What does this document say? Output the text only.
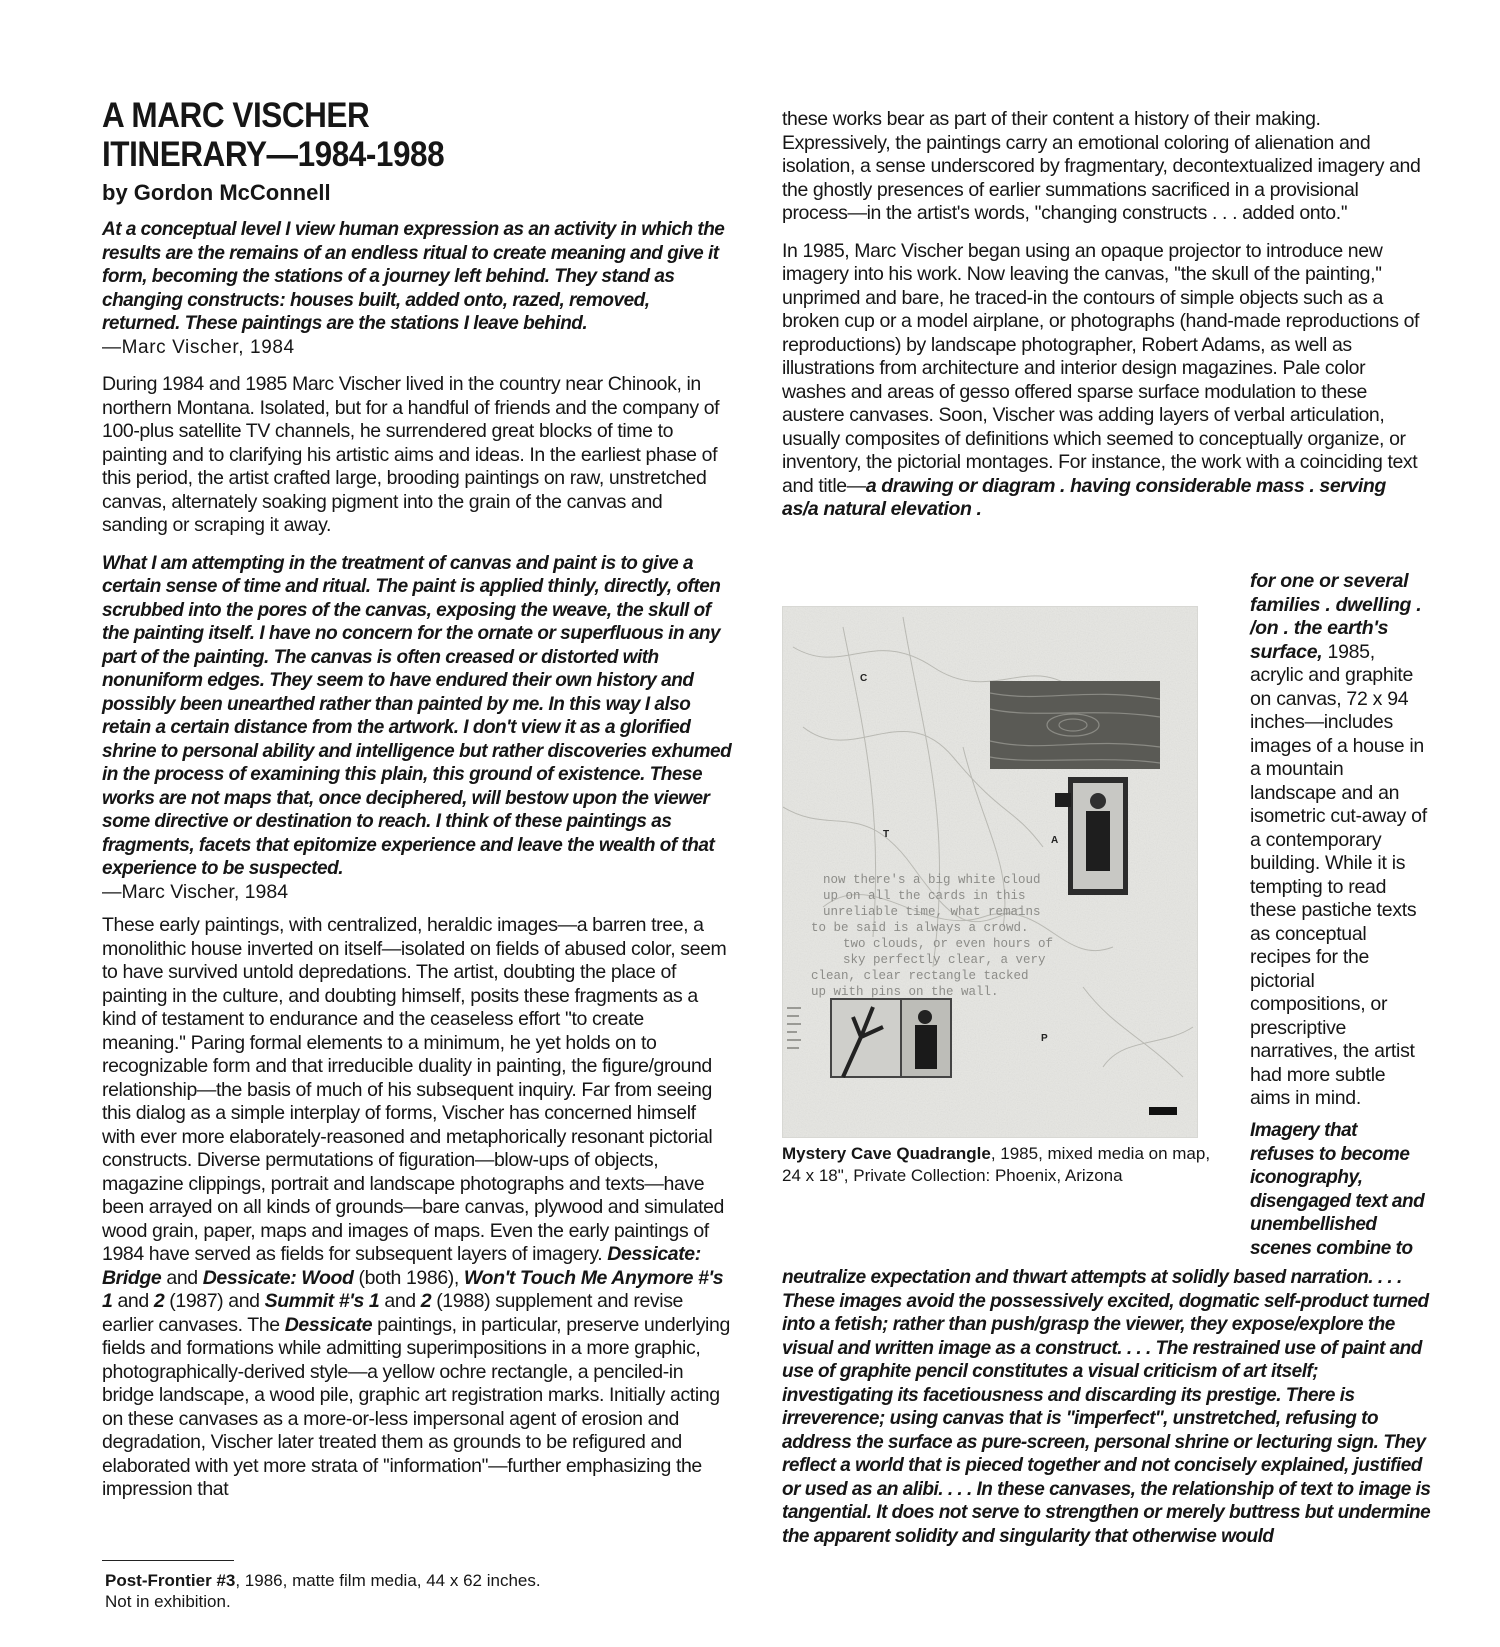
A MARC VISCHER
ITINERARY—1984-1988
by Gordon McConnell

At a conceptual level I view human expression as an activity in which the results are the remains of an endless ritual to create meaning and give it form, becoming the stations of a journey left behind. They stand as changing constructs: houses built, added onto, razed, removed, returned. These paintings are the stations I leave behind.

—Marc Vischer, 1984

During 1984 and 1985 Marc Vischer lived in the country near Chinook, in northern Montana. Isolated, but for a handful of friends and the company of 100-plus satellite TV channels, he surrendered great blocks of time to painting and to clarifying his artistic aims and ideas. In the earliest phase of this period, the artist crafted large, brooding paintings on raw, unstretched canvas, alternately soaking pigment into the grain of the canvas and sanding or scraping it away.

What I am attempting in the treatment of canvas and paint is to give a certain sense of time and ritual. The paint is applied thinly, directly, often scrubbed into the pores of the canvas, exposing the weave, the skull of the painting itself. I have no concern for the ornate or superfluous in any part of the painting. The canvas is often creased or distorted with nonuniform edges. They seem to have endured their own history and possibly been unearthed rather than painted by me. In this way I also retain a certain distance from the artwork. I don't view it as a glorified shrine to personal ability and intelligence but rather discoveries exhumed in the process of examining this plain, this ground of existence. These works are not maps that, once deciphered, will bestow upon the viewer some directive or destination to reach. I think of these paintings as fragments, facets that epitomize experience and leave the wealth of that experience to be suspected.

—Marc Vischer, 1984

These early paintings, with centralized, heraldic images—a barren tree, a monolithic house inverted on itself—isolated on fields of abused color, seem to have survived untold depredations. The artist, doubting the place of painting in the culture, and doubting himself, posits these fragments as a kind of testament to endurance and the ceaseless effort ''to create meaning.'' Paring formal elements to a minimum, he yet holds on to recognizable form and that irreducible duality in painting, the figure/ground relationship—the basis of much of his subsequent inquiry. Far from seeing this dialog as a simple interplay of forms, Vischer has concerned himself with ever more elaborately-reasoned and metaphorically resonant pictorial constructs. Diverse permutations of figuration—blow-ups of objects, magazine clippings, portrait and landscape photographs and texts—have been arrayed on all kinds of grounds—bare canvas, plywood and simulated wood grain, paper, maps and images of maps. Even the early paintings of 1984 have served as fields for subsequent layers of imagery. Dessicate: Bridge and Dessicate: Wood (both 1986), Won't Touch Me Anymore #'s 1 and 2 (1987) and Summit #'s 1 and 2 (1988) supplement and revise earlier canvases. The Dessicate paintings, in particular, preserve underlying fields and formations while admitting superimpositions in a more graphic, photographically-derived style—a yellow ochre rectangle, a penciled-in bridge landscape, a wood pile, graphic art registration marks. Initially acting on these canvases as a more-or-less impersonal agent of erosion and degradation, Vischer later treated them as grounds to be refigured and elaborated with yet more strata of ''information''—further emphasizing the impression that

Post-Frontier #3, 1986, matte film media, 44 x 62 inches.
Not in exhibition.

these works bear as part of their content a history of their making. Expressively, the paintings carry an emotional coloring of alienation and isolation, a sense underscored by fragmentary, decontextualized imagery and the ghostly presences of earlier summations sacrificed in a provisional process—in the artist's words, ''changing constructs . . . added onto.''

In 1985, Marc Vischer began using an opaque projector to introduce new imagery into his work. Now leaving the canvas, ''the skull of the painting,'' unprimed and bare, he traced-in the contours of simple objects such as a broken cup or a model airplane, or photographs (hand-made reproductions of reproductions) by landscape photographer, Robert Adams, as well as illustrations from architecture and interior design magazines. Pale color washes and areas of gesso offered sparse surface modulation to these austere canvases. Soon, Vischer was adding layers of verbal articulation, usually composites of definitions which seemed to conceptually organize, or inventory, the pictorial montages. For instance, the work with a coinciding text and title—a drawing or diagram . having considerable mass . serving as/a natural elevation .

C
T
A
P
now there's a big white cloud
up on all the cards in this
unreliable time, what remains
to be said is always a crowd.
two clouds, or even hours of
sky perfectly clear, a very
clean, clear rectangle tacked
up with pins on the wall.
Mystery Cave Quadrangle, 1985, mixed media on map, 24 x 18", Private Collection: Phoenix, Arizona

for one or several families . dwelling . /on . the earth's surface, 1985, acrylic and graphite on canvas, 72 x 94 inches—includes images of a house in a mountain landscape and an isometric cut-away of a contemporary building. While it is tempting to read these pastiche texts as conceptual recipes for the pictorial compositions, or prescriptive narratives, the artist had more subtle aims in mind.

Imagery that refuses to become iconography, disengaged text and unembellished scenes combine to

neutralize expectation and thwart attempts at solidly based narration. . . . These images avoid the possessively excited, dogmatic self-product turned into a fetish; rather than push/grasp the viewer, they expose/explore the visual and written image as a construct. . . . The restrained use of paint and use of graphite pencil constitutes a visual criticism of art itself; investigating its facetiousness and discarding its prestige. There is irreverence; using canvas that is ''imperfect'', unstretched, refusing to address the surface as pure-screen, personal shrine or lecturing sign. They reflect a world that is pieced together and not concisely explained, justified or used as an alibi. . . . In these canvases, the relationship of text to image is tangential. It does not serve to strengthen or merely buttress but undermine the apparent solidity and singularity that otherwise would
